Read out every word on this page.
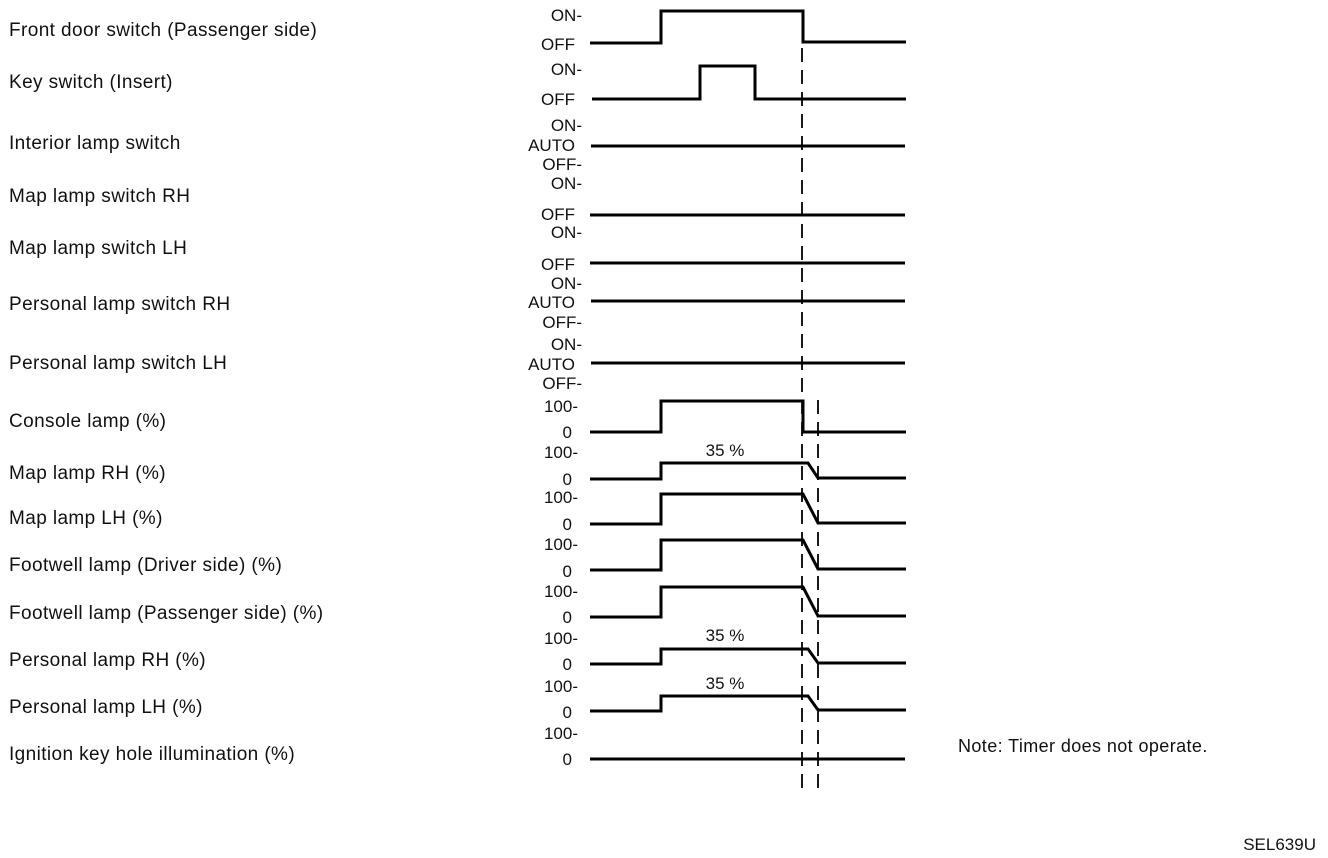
Front door switch (Passenger side)
Key switch (Insert)
Interior lamp switch
Map lamp switch RH
Map lamp switch LH
Personal lamp switch RH
Personal lamp switch LH
Console lamp (%)
Map lamp RH (%)
Map lamp LH (%)
Footwell lamp (Driver side) (%)
Footwell lamp (Passenger side) (%)
Personal lamp RH (%)
Personal lamp LH (%)
Ignition key hole illumination (%)
ON-
OFF
ON-
OFF
ON-
AUTO
OFF-
ON-
OFF
ON-
OFF
ON-
AUTO
OFF-
ON-
AUTO
OFF-
100-
0
100-
0
100-
0
100-
0
100-
0
100-
0
100-
0
100-
0
35 %
35 %
35 %
Note: Timer does not operate.
SEL639U
